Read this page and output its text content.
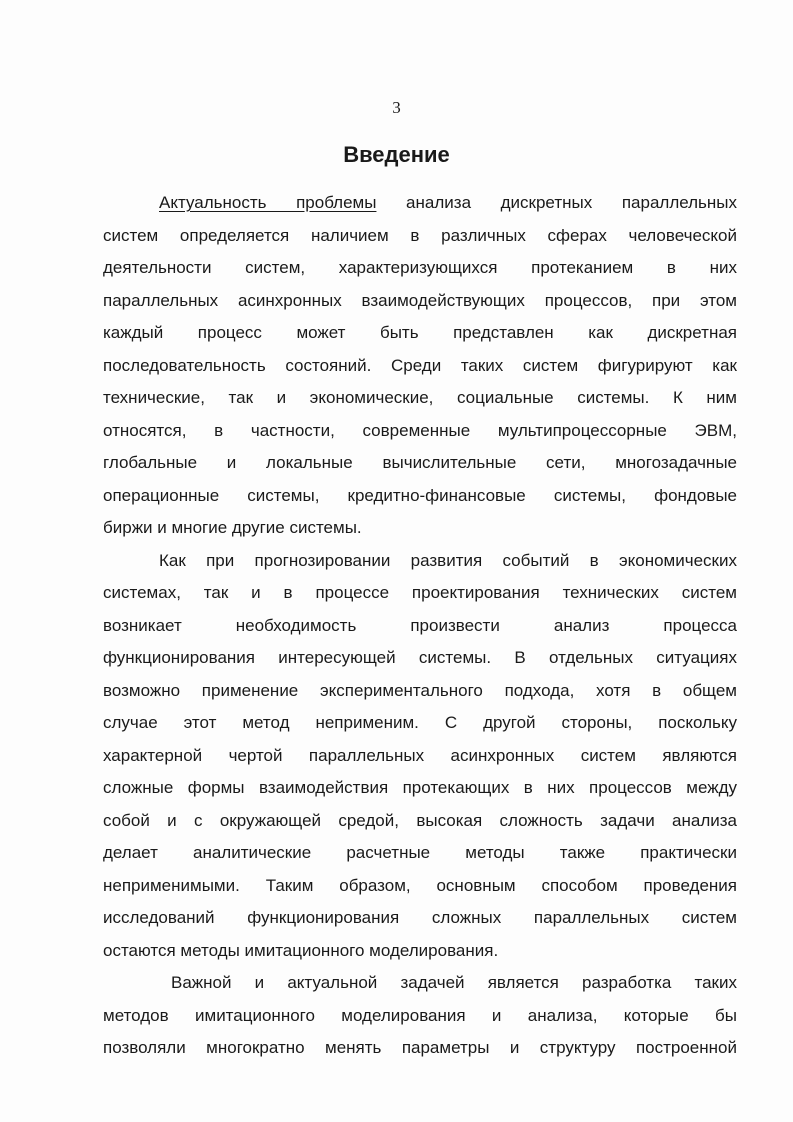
3
Введение
Актуальность проблемы анализа дискретных параллельных
систем определяется наличием в различных сферах человеческой
деятельности систем, характеризующихся протеканием в них
параллельных асинхронных взаимодействующих процессов, при этом
каждый процесс может быть представлен как дискретная
последовательность состояний. Среди таких систем фигурируют как
технические, так и экономические, социальные системы. К ним
относятся, в частности, современные мультипроцессорные ЭВМ,
глобальные и локальные вычислительные сети, многозадачные
операционные системы, кредитно-финансовые системы, фондовые
биржи и многие другие системы.
Как при прогнозировании развития событий в экономических
системах, так и в процессе проектирования технических систем
возникает необходимость произвести анализ процесса
функционирования интересующей системы. В отдельных ситуациях
возможно применение экспериментального подхода, хотя в общем
случае этот метод неприменим. С другой стороны, поскольку
характерной чертой параллельных асинхронных систем являются
сложные формы взаимодействия протекающих в них процессов между
собой и с окружающей средой, высокая сложность задачи анализа
делает аналитические расчетные методы также практически
неприменимыми. Таким образом, основным способом проведения
исследований функционирования сложных параллельных систем
остаются методы имитационного моделирования.
Важной и актуальной задачей является разработка таких
методов имитационного моделирования и анализа, которые бы
позволяли многократно менять параметры и структуру построенной
